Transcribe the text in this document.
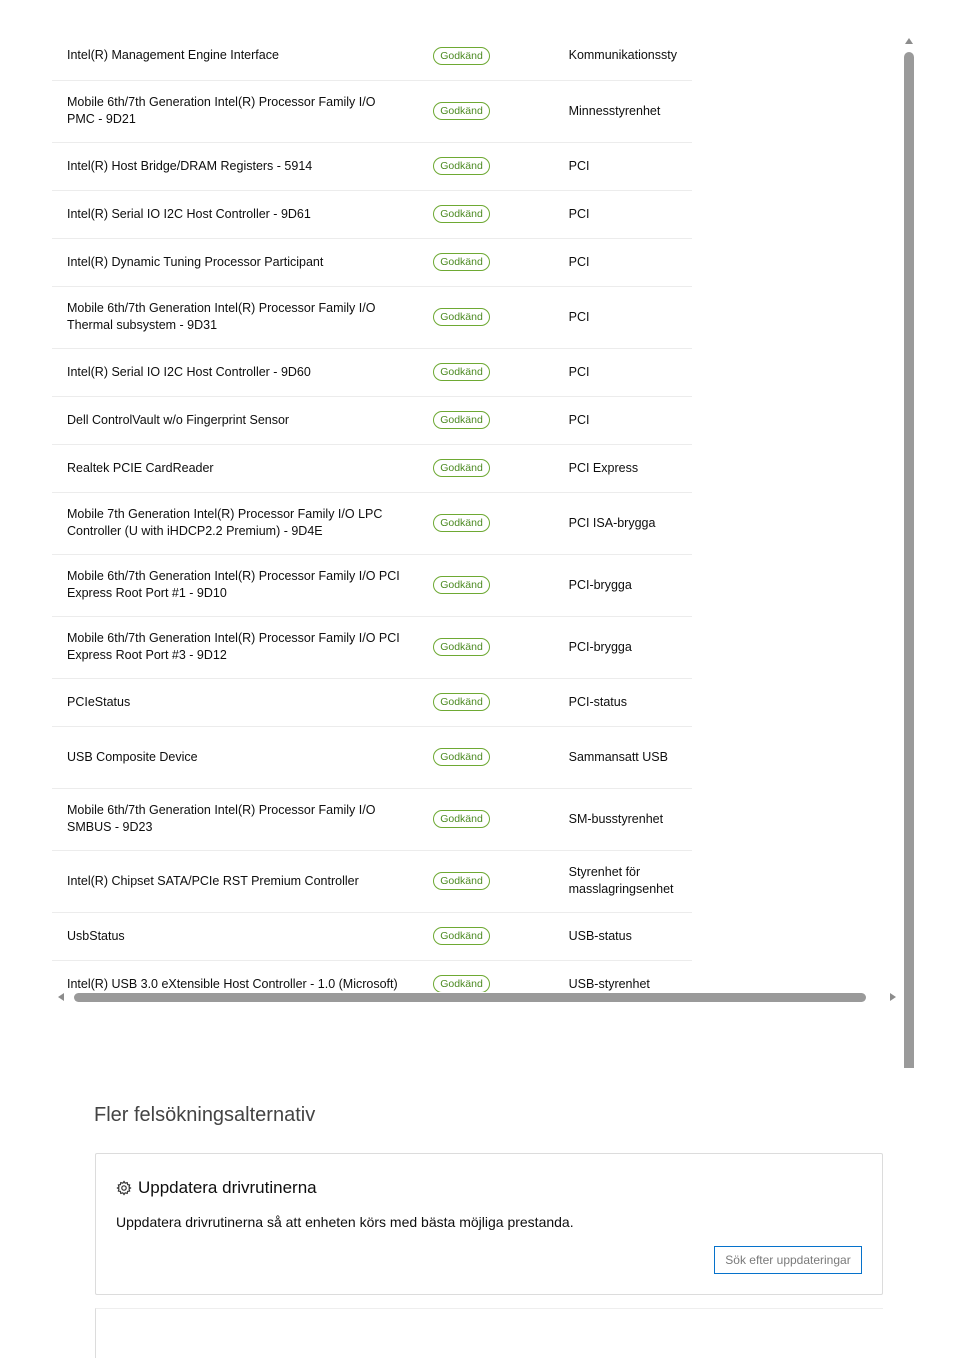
Intel(R) Management Engine Interface	Godkänd	Kommunikationssty
Mobile 6th/7th Generation Intel(R) Processor Family I/O PMC - 9D21	Godkänd	Minnesstyrenhet
Intel(R) Host Bridge/DRAM Registers - 5914	Godkänd	PCI
Intel(R) Serial IO I2C Host Controller - 9D61	Godkänd	PCI
Intel(R) Dynamic Tuning Processor Participant	Godkänd	PCI
Mobile 6th/7th Generation Intel(R) Processor Family I/O Thermal subsystem - 9D31	Godkänd	PCI
Intel(R) Serial IO I2C Host Controller - 9D60	Godkänd	PCI
Dell ControlVault w/o Fingerprint Sensor	Godkänd	PCI
Realtek PCIE CardReader	Godkänd	PCI Express
Mobile 7th Generation Intel(R) Processor Family I/O LPC Controller (U with iHDCP2.2 Premium) - 9D4E	Godkänd	PCI ISA-brygga
Mobile 6th/7th Generation Intel(R) Processor Family I/O PCI Express Root Port #1 - 9D10	Godkänd	PCI-brygga
Mobile 6th/7th Generation Intel(R) Processor Family I/O PCI Express Root Port #3 - 9D12	Godkänd	PCI-brygga
PCIeStatus	Godkänd	PCI-status
USB Composite Device	Godkänd	Sammansatt USB
Mobile 6th/7th Generation Intel(R) Processor Family I/O SMBUS - 9D23	Godkänd	SM-busstyrenhet
Intel(R) Chipset SATA/PCIe RST Premium Controller	Godkänd	Styrenhet för masslagringsenhet
UsbStatus	Godkänd	USB-status
Intel(R) USB 3.0 eXtensible Host Controller - 1.0 (Microsoft)	Godkänd	USB-styrenhet
Fler felsökningsalternativ
Uppdatera drivrutinerna

Uppdatera drivrutinerna så att enheten körs med bästa möjliga prestanda.

Sök efter uppdateringar
